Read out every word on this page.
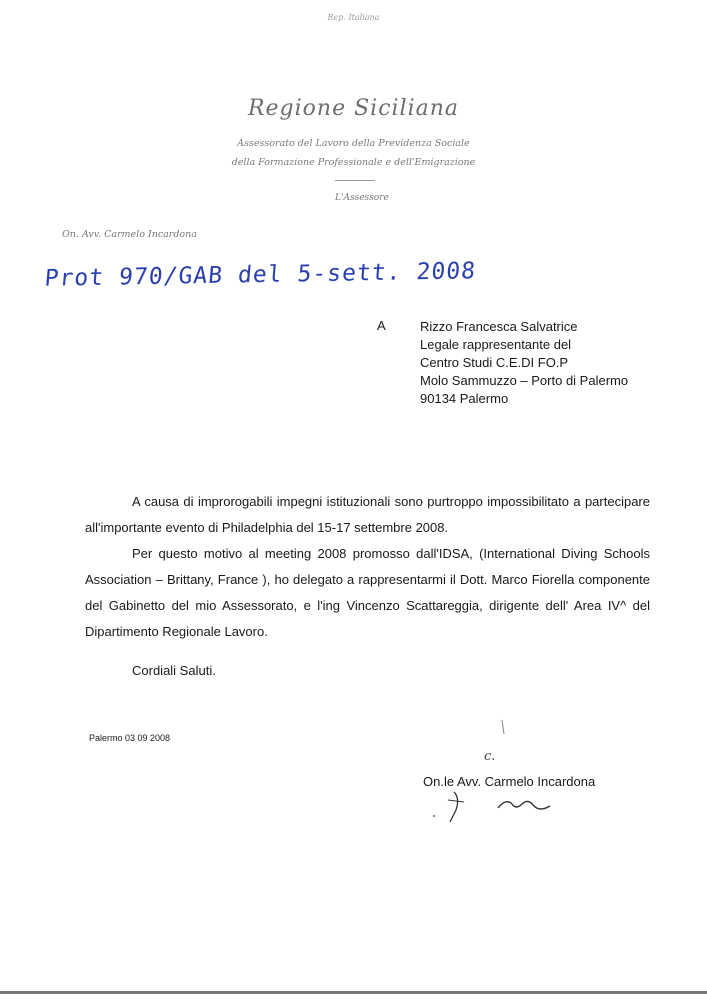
Rep. Italiana
Regione Siciliana
Assessorato del Lavoro della Previdenza Sociale
della Formazione Professionale e dell'Emigrazione
L'Assessore
On. Avv. Carmelo Incardona
Prot 970/GAB del 5-sett. 2008
A	Rizzo Francesca Salvatrice
Legale rappresentante del
Centro Studi C.E.DI FO.P
Molo Sammuzzo – Porto di Palermo
90134 Palermo
A causa di improrogabili impegni istituzionali sono purtroppo impossibilitato a partecipare all'importante evento di Philadelphia del 15-17 settembre 2008.
Per questo motivo al meeting 2008 promosso dall'IDSA, (International Diving Schools Association – Brittany, France ), ho delegato a rappresentarmi il Dott. Marco Fiorella componente del Gabinetto del mio Assessorato, e l'ing Vincenzo Scattareggia, dirigente dell' Area IV^ del Dipartimento Regionale Lavoro.
Cordiali Saluti.
Palermo 03 09 2008
c.
On.le Avv. Carmelo Incardona
